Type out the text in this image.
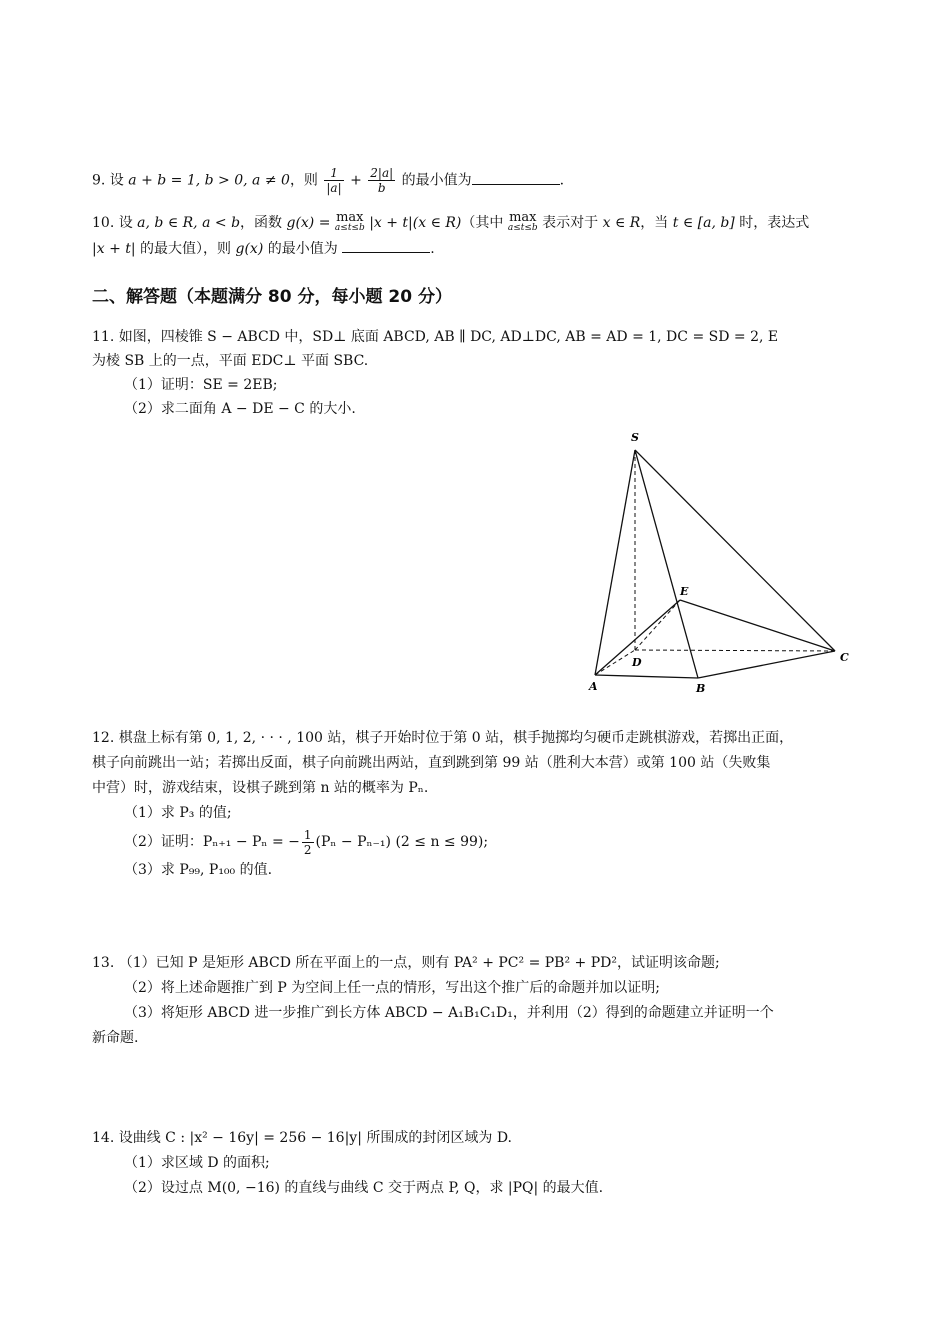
9. 设 a + b = 1, b > 0, a ≠ 0，则 $\frac{1}{|a|} + \frac{2|a|}{b}$ 的最小值为	.
10. 设 a, b ∈ R, a < b，函数 g(x) = max
a≤t≤b |x + t|(x ∈ R)（其中 max
a≤t≤b 表示对于 x ∈ R，当 t ∈ [a, b] 时，表达式
|x + t| 的最大值），则 g(x) 的最小值为	.
二、解答题（本题满分 80 分，每小题 20 分）
11. 如图，四棱锥 S − ABCD 中，SD⊥ 底面 ABCD, AB ∥ DC, AD⊥DC, AB = AD = 1, DC = SD = 2, E
为棱 SB 上的一点，平面 EDC⊥ 平面 SBC.
（1）证明：SE = 2EB;
（2）求二面角 A − DE − C 的大小.
S
E
D	C
A	B
12. 棋盘上标有第 0, 1, 2, · · · , 100 站，棋子开始时位于第 0 站，棋手抛掷均匀硬币走跳棋游戏，若掷出正面，
棋子向前跳出一站；若掷出反面，棋子向前跳出两站，直到跳到第 99 站（胜利大本营）或第 100 站（失败集
中营）时，游戏结束，设棋子跳到第 n 站的概率为 Pₙ.
（1）求 P₃ 的值;
（2）证明：Pₙ₊₁ − Pₙ = − $\frac{1}{2} (P_n - P_{n-1}) (2 \le n \le 99)$;
（3）求 P₉₉, P₁₀₀ 的值.
13. （1）已知 P 是矩形 ABCD 所在平面上的一点，则有 PA² + PC² = PB² + PD²，试证明该命题;
（2）将上述命题推广到 P 为空间上任一点的情形，写出这个推广后的命题并加以证明;
（3）将矩形 ABCD 进一步推广到长方体 ABCD − A₁B₁C₁D₁，并利用（2）得到的命题建立并证明一个
新命题.
14. 设曲线 C : |x² − 16y| = 256 − 16|y| 所围成的封闭区域为 D.
（1）求区域 D 的面积;
（2）设过点 M(0, −16) 的直线与曲线 C 交于两点 P, Q，求 |PQ| 的最大值.
